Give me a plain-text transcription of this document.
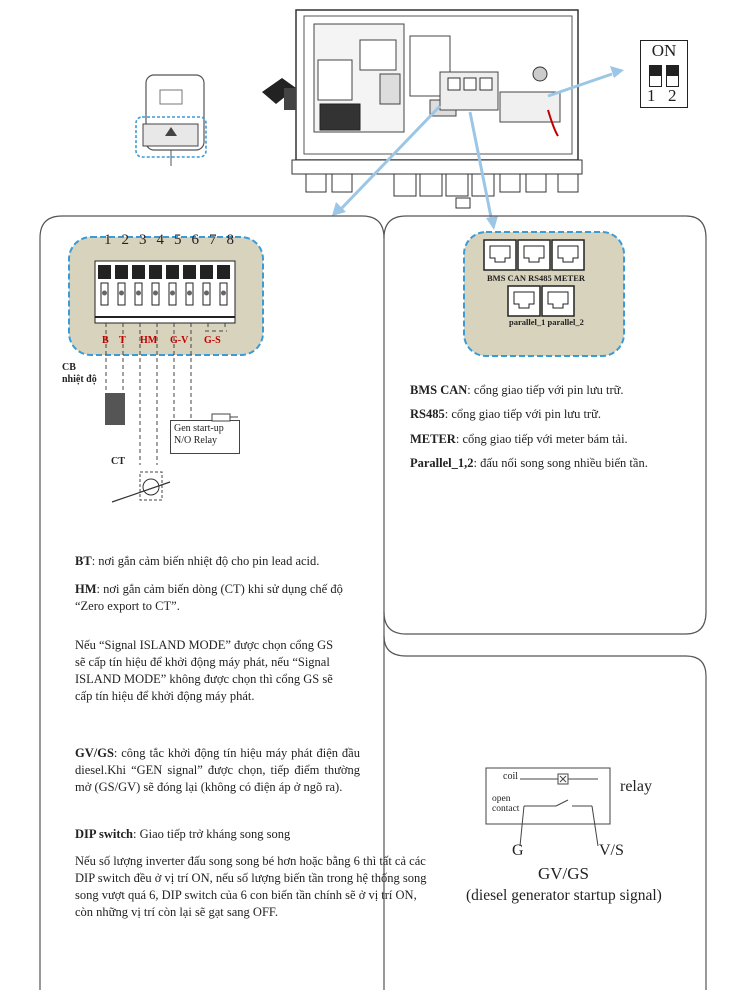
ON
1 2
1 2 3 4 5 6 7 8
B T HM G-V G-S
CB
nhiệt độ
CT
Gen start-up
N/O Relay
BMS CAN RS485 METER
parallel_1 parallel_2
BMS CAN: cổng giao tiếp với pin lưu trữ.
RS485: cổng giao tiếp với pin lưu trữ.
METER: cổng giao tiếp với meter bám tải.
Parallel_1,2: đấu nối song song nhiều biến tần.
BT: nơi gắn cảm biến nhiệt độ cho pin lead acid.
HM: nơi gắn cảm biến dòng (CT) khi sử dụng chế độ “Zero export to CT”.
Nếu “Signal ISLAND MODE” được chọn cổng GS sẽ cấp tín hiệu để khởi động máy phát, nếu “Signal ISLAND MODE” không được chọn thì cổng GS sẽ cấp tín hiệu để khởi động máy phát.
GV/GS: công tắc khởi động tín hiệu máy phát điện đầu diesel.Khi “GEN signal” được chọn, tiếp điểm thường mở (GS/GV) sẽ đóng lại (không có điện áp ở ngõ ra).
DIP switch: Giao tiếp trở kháng song song
Nếu số lượng inverter đấu song song bé hơn hoặc bằng 6 thì tất cả các DIP switch đều ở vị trí ON, nếu số lượng biến tần trong hệ thống song song vượt quá 6, DIP switch của 6 con biến tần chính sẽ ở vị trí ON, còn những vị trí còn lại sẽ gạt sang OFF.
coil
open
contact
relay
G	V/S
GV/GS
(diesel generator startup signal)
